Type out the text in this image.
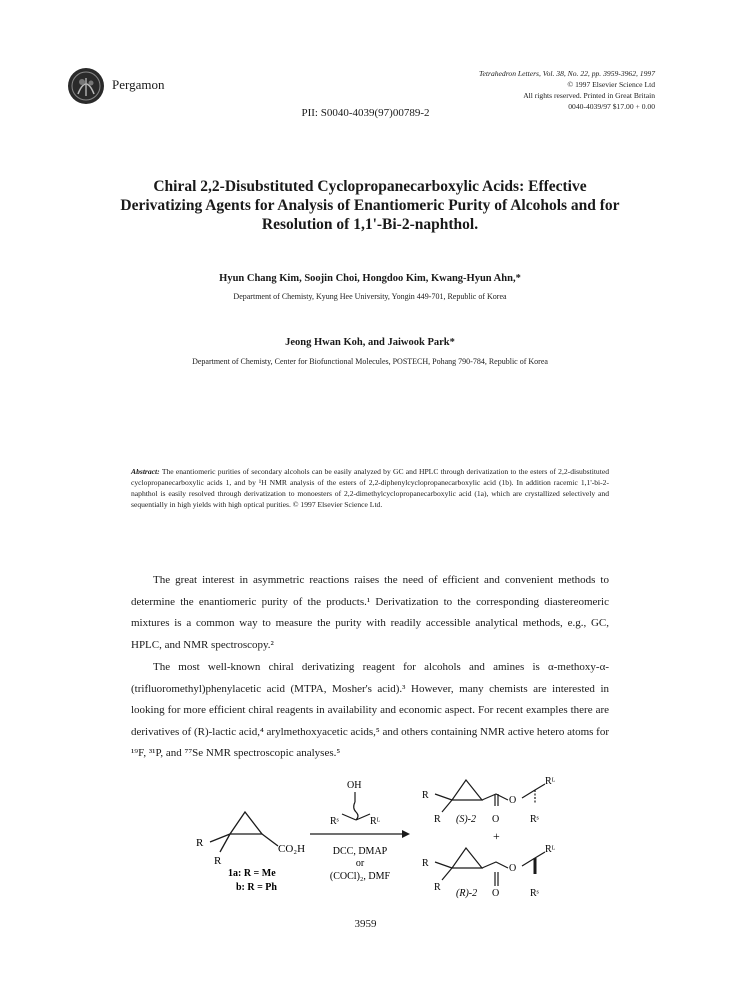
Pergamon
Tetrahedron Letters, Vol. 38, No. 22, pp. 3959-3962, 1997
© 1997 Elsevier Science Ltd
All rights reserved. Printed in Great Britain
0040-4039/97 $17.00 + 0.00
PII: S0040-4039(97)00789-2
Chiral 2,2-Disubstituted Cyclopropanecarboxylic Acids: Effective
Derivatizing Agents for Analysis of Enantiomeric Purity of Alcohols and for
Resolution of 1,1'-Bi-2-naphthol.
Hyun Chang Kim, Soojin Choi, Hongdoo Kim, Kwang-Hyun Ahn,*
Department of Chemisty, Kyung Hee University, Yongin 449-701, Republic of Korea
Jeong Hwan Koh, and Jaiwook Park*
Department of Chemisty, Center for Biofunctional Molecules, POSTECH, Pohang 790-784, Republic of Korea
Abstract: The enantiomeric purities of secondary alcohols can be easily analyzed by GC and HPLC through derivatization to the esters of 2,2-disubstituted cyclopropanecarboxylic acids 1, and by ¹H NMR analysis of the esters of 2,2-diphenylcyclopropanecarboxylic acid (1b). In addition racemic 1,1'-bi-2-naphthol is easily resolved through derivatization to monoesters of 2,2-dimethylcyclopropanecarboxylic acid (1a), which are crystallized selectively and sequentially in high yields with high optical purities. © 1997 Elsevier Science Ltd.
The great interest in asymmetric reactions raises the need of efficient and convenient methods to determine the enantiomeric purity of the products.¹ Derivatization to the corresponding diastereomeric mixtures is a common way to measure the purity with readily accessible analytical methods, e.g., GC, HPLC, and NMR spectroscopy.²
The most well-known chiral derivatizing reagent for alcohols and amines is α-methoxy-α-(trifluoromethyl)phenylacetic acid (MTPA, Mosher's acid).³ However, many chemists are interested in looking for more efficient chiral reagents in availability and economic aspect. For recent examples there are derivatives of (R)-lactic acid,⁴ arylmethoxyacetic acids,⁵ and others containing NMR active hetero atoms for ¹⁹F, ³¹P, and ⁷⁷Se NMR spectroscopic analyses.⁵
R
R
CO₂H
1a: R = Me
b: R = Ph
OH
Rˢ	Rᴸ
DCC, DMAP
or
(COCl)₂, DMF
R
R
O
Rᴸ
(S)-2 O	Rˢ
+
R
R
O
Rᴸ
(R)-2 O	Rˢ
3959
